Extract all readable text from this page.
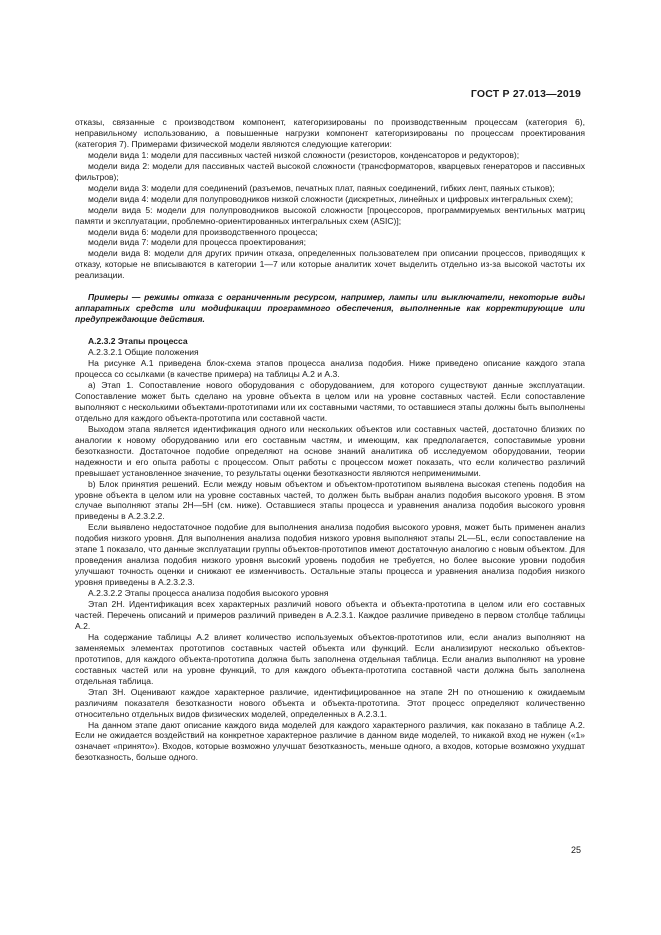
ГОСТ Р 27.013—2019

отказы, связанные с производством компонент, категоризированы по производственным процессам (категория 6), неправильному использованию, а повышенные нагрузки компонент категоризированы по процессам проектирования (категория 7). Примерами физической модели являются следующие категории:

модели вида 1: модели для пассивных частей низкой сложности (резисторов, конденсаторов и редукторов);

модели вида 2: модели для пассивных частей высокой сложности (трансформаторов, кварцевых генераторов и пассивных фильтров);

модели вида 3: модели для соединений (разъемов, печатных плат, паяных соединений, гибких лент, паяных стыков);

модели вида 4: модели для полупроводников низкой сложности (дискретных, линейных и цифровых интегральных схем);

модели вида 5: модели для полупроводников высокой сложности [процессоров, программируемых вентильных матриц памяти и эксплуатации, проблемно-ориентированных интегральных схем (ASIC)];

модели вида 6: модели для производственного процесса;

модели вида 7: модели для процесса проектирования;

модели вида 8: модели для других причин отказа, определенных пользователем при описании процессов, приводящих к отказу, которые не вписываются в категории 1—7 или которые аналитик хочет выделить отдельно из-за высокой частоты их реализации.

Примеры — режимы отказа с ограниченным ресурсом, например, лампы или выключатели, некоторые виды аппаратных средств или модификации программного обеспечения, выполненные как корректирующие или предупреждающие действия.

А.2.3.2 Этапы процесса

А.2.3.2.1 Общие положения

На рисунке А.1 приведена блок-схема этапов процесса анализа подобия. Ниже приведено описание каждого этапа процесса со ссылками (в качестве примера) на таблицы А.2 и А.3.

а) Этап 1. Сопоставление нового оборудования с оборудованием, для которого существуют данные эксплуатации. Сопоставление может быть сделано на уровне объекта в целом или на уровне составных частей. Если сопоставление выполняют с несколькими объектами-прототипами или их составными частями, то оставшиеся этапы должны быть выполнены отдельно для каждого объекта-прототипа или составной части.

Выходом этапа является идентификация одного или нескольких объектов или составных частей, достаточно близких по аналогии к новому оборудованию или его составным частям, и имеющим, как предполагается, сопоставимые уровни безотказности. Достаточное подобие определяют на основе знаний аналитика об исследуемом оборудовании, теории надежности и его опыта работы с процессом. Опыт работы с процессом может показать, что если количество различий превышает установленное значение, то результаты оценки безотказности являются неприменимыми.

b) Блок принятия решений. Если между новым объектом и объектом-прототипом выявлена высокая степень подобия на уровне объекта в целом или на уровне составных частей, то должен быть выбран анализ подобия высокого уровня. В этом случае выполняют этапы 2Н—5Н (см. ниже). Оставшиеся этапы процесса и уравнения анализа подобия высокого уровня приведены в А.2.3.2.2.

Если выявлено недостаточное подобие для выполнения анализа подобия высокого уровня, может быть применен анализ подобия низкого уровня. Для выполнения анализа подобия низкого уровня выполняют этапы 2L—5L, если сопоставление на этапе 1 показало, что данные эксплуатации группы объектов-прототипов имеют достаточную аналогию с новым объектом. Для проведения анализа подобия низкого уровня высокий уровень подобия не требуется, но более высокие уровни подобия улучшают точность оценки и снижают ее изменчивость. Остальные этапы процесса и уравнения анализа подобия низкого уровня приведены в А.2.3.2.3.

А.2.3.2.2 Этапы процесса анализа подобия высокого уровня

Этап 2Н. Идентификация всех характерных различий нового объекта и объекта-прототипа в целом или его составных частей. Перечень описаний и примеров различий приведен в А.2.3.1. Каждое различие приведено в первом столбце таблицы А.2.

На содержание таблицы А.2 влияет количество используемых объектов-прототипов или, если анализ выполняют на заменяемых элементах прототипов составных частей объекта или функций. Если анализируют несколько объектов-прототипов, для каждого объекта-прототипа должна быть заполнена отдельная таблица. Если анализ выполняют на уровне составных частей или на уровне функций, то для каждого объекта-прототипа составной части должна быть заполнена отдельная таблица.

Этап 3Н. Оценивают каждое характерное различие, идентифицированное на этапе 2Н по отношению к ожидаемым различиям показателя безотказности нового объекта и объекта-прототипа. Этот процесс определяют количественно относительно отдельных видов физических моделей, определенных в А.2.3.1.

На данном этапе дают описание каждого вида моделей для каждого характерного различия, как показано в таблице А.2. Если не ожидается воздействий на конкретное характерное различие в данном виде моделей, то никакой вход не нужен («1» означает «принято»). Входов, которые возможно улучшат безотказность, меньше одного, а входов, которые возможно ухудшат безотказность, больше одного.

25
